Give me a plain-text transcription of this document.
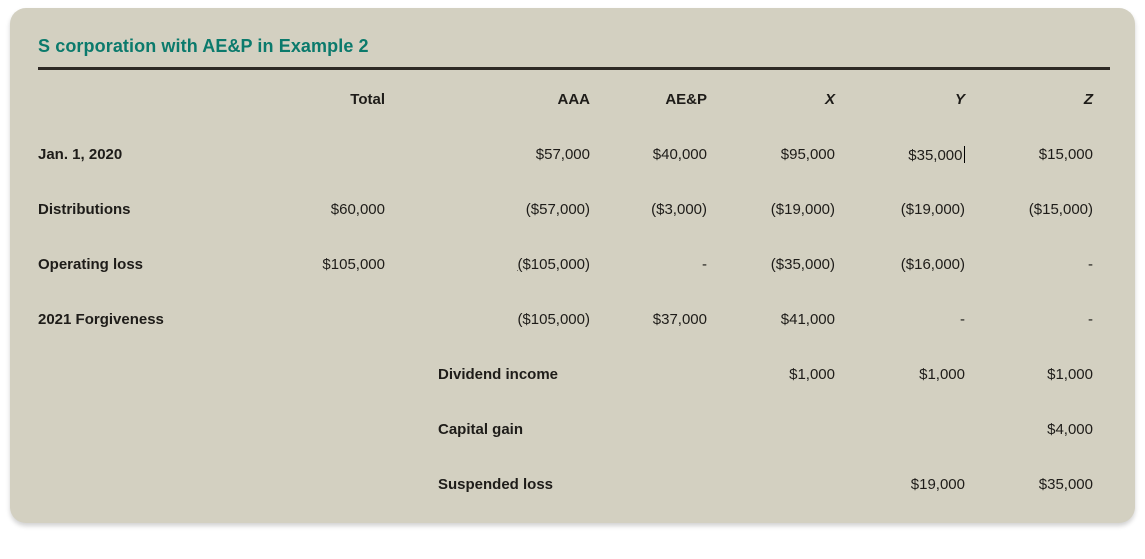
S corporation with AE&P in Example 2
	Total	AAA	AE&P	X	Y	Z
Jan. 1, 2020		$57,000	$40,000	$95,000	$35,000	$15,000
Distributions	$60,000	($57,000)	($3,000)	($19,000)	($19,000)	($15,000)
Operating loss	$105,000	($105,000)	-	($35,000)	($16,000)	-
2021 Forgiveness		($105,000)	$37,000	$41,000	-	-
		Dividend income		$1,000	$1,000	$1,000
		Capital gain				$4,000
		Suspended loss			$19,000	$35,000
